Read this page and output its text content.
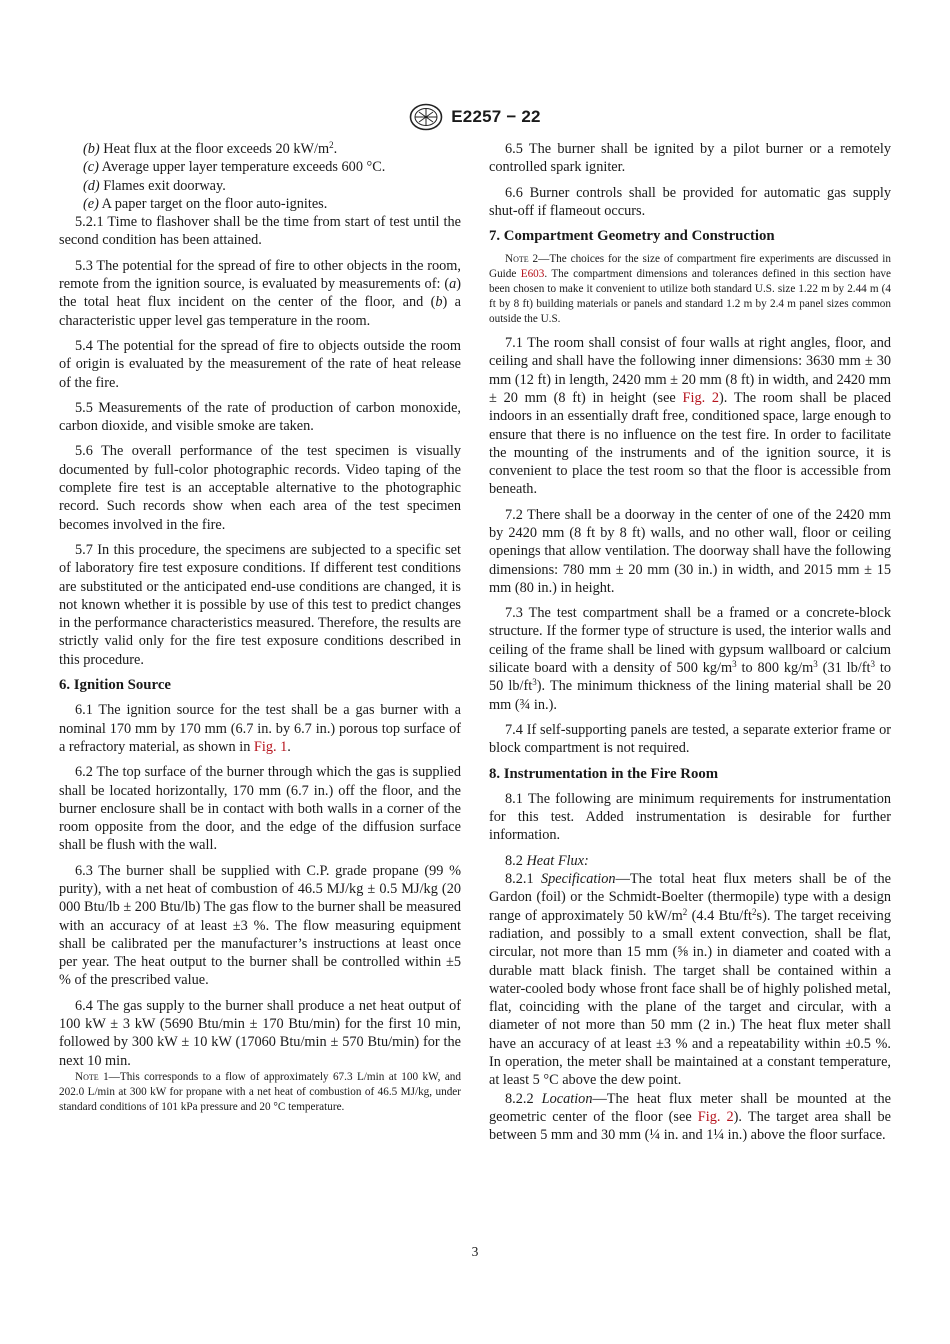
E2257 − 22

(b) Heat flux at the floor exceeds 20 $kW/m^2$.

(c) Average upper layer temperature exceeds 600 °C.

(d) Flames exit doorway.

(e) A paper target on the floor auto-ignites.

5.2.1 Time to flashover shall be the time from start of test until the second condition has been attained.

5.3 The potential for the spread of fire to other objects in the room, remote from the ignition source, is evaluated by measurements of: (a) the total heat flux incident on the center of the floor, and (b) a characteristic upper level gas temperature in the room.

5.4 The potential for the spread of fire to objects outside the room of origin is evaluated by the measurement of the rate of heat release of the fire.

5.5 Measurements of the rate of production of carbon monoxide, carbon dioxide, and visible smoke are taken.

5.6 The overall performance of the test specimen is visually documented by full-color photographic records. Video taping of the complete fire test is an acceptable alternative to the photographic record. Such records show when each area of the test specimen becomes involved in the fire.

5.7 In this procedure, the specimens are subjected to a specific set of laboratory fire test exposure conditions. If different test conditions are substituted or the anticipated end-use conditions are changed, it is not known whether it is possible by use of this test to predict changes in the performance characteristics measured. Therefore, the results are strictly valid only for the fire test exposure conditions described in this procedure.

6. Ignition Source

6.1 The ignition source for the test shall be a gas burner with a nominal 170 mm by 170 mm (6.7 in. by 6.7 in.) porous top surface of a refractory material, as shown in Fig. 1.

6.2 The top surface of the burner through which the gas is supplied shall be located horizontally, 170 mm (6.7 in.) off the floor, and the burner enclosure shall be in contact with both walls in a corner of the room opposite from the door, and the edge of the diffusion surface shall be flush with the wall.

6.3 The burner shall be supplied with C.P. grade propane (99 % purity), with a net heat of combustion of 46.5 MJ/kg ± 0.5 MJ/kg (20 000 Btu/lb ± 200 Btu/lb) The gas flow to the burner shall be measured with an accuracy of at least ±3 %. The flow measuring equipment shall be calibrated per the manufacturer’s instructions at least once per year. The heat output to the burner shall be controlled within ±5 % of the prescribed value.

6.4 The gas supply to the burner shall produce a net heat output of 100 kW ± 3 kW (5690 Btu/min ± 170 Btu/min) for the first 10 min, followed by 300 kW ± 10 kW (17060 Btu/min ± 570 Btu/min) for the next 10 min.

Note 1—This corresponds to a flow of approximately 67.3 L/min at 100 kW, and 202.0 L/min at 300 kW for propane with a net heat of combustion of 46.5 MJ/kg, under standard conditions of 101 kPa pressure and 20 °C temperature.

6.5 The burner shall be ignited by a pilot burner or a remotely controlled spark igniter.

6.6 Burner controls shall be provided for automatic gas supply shut-off if flameout occurs.

7. Compartment Geometry and Construction

Note 2—The choices for the size of compartment fire experiments are discussed in Guide E603. The compartment dimensions and tolerances defined in this section have been chosen to make it convenient to utilize both standard U.S. size 1.22 m by 2.44 m (4 ft by 8 ft) building materials or panels and standard 1.2 m by 2.4 m panel sizes common outside the U.S.

7.1 The room shall consist of four walls at right angles, floor, and ceiling and shall have the following inner dimensions: 3630 mm ± 30 mm (12 ft) in length, 2420 mm ± 20 mm (8 ft) in width, and 2420 mm ± 20 mm (8 ft) in height (see Fig. 2). The room shall be placed indoors in an essentially draft free, conditioned space, large enough to ensure that there is no influence on the test fire. In order to facilitate the mounting of the instruments and of the ignition source, it is convenient to place the test room so that the floor is accessible from beneath.

7.2 There shall be a doorway in the center of one of the 2420 mm by 2420 mm (8 ft by 8 ft) walls, and no other wall, floor or ceiling openings that allow ventilation. The doorway shall have the following dimensions: 780 mm ± 20 mm (30 in.) in width, and 2015 mm ± 15 mm (80 in.) in height.

7.3 The test compartment shall be a framed or a concrete-block structure. If the former type of structure is used, the interior walls and ceiling of the frame shall be lined with gypsum wallboard or calcium silicate board with a density of 500 $kg/m^3$ to 800 $kg/m^3$ (31 $lb/ft^3$ to 50 $lb/ft^3$). The minimum thickness of the lining material shall be 20 mm (¾ in.).

7.4 If self-supporting panels are tested, a separate exterior frame or block compartment is not required.

8. Instrumentation in the Fire Room

8.1 The following are minimum requirements for instrumentation for this test. Added instrumentation is desirable for further information.

8.2 Heat Flux:

8.2.1 Specification—The total heat flux meters shall be of the Gardon (foil) or the Schmidt-Boelter (thermopile) type with a design range of approximately 50 $kW/m^2$ (4.4 Btu/$ft^2s$). The target receiving radiation, and possibly to a small extent convection, shall be flat, circular, not more than 15 mm (⅝ in.) in diameter and coated with a durable matt black finish. The target shall be contained within a water-cooled body whose front face shall be of highly polished metal, flat, coinciding with the plane of the target and circular, with a diameter of not more than 50 mm (2 in.) The heat flux meter shall have an accuracy of at least ±3 % and a repeatability within ±0.5 %. In operation, the meter shall be maintained at a constant temperature, at least 5 °C above the dew point.

8.2.2 Location—The heat flux meter shall be mounted at the geometric center of the floor (see Fig. 2). The target area shall be between 5 mm and 30 mm (¼ in. and 1¼ in.) above the floor surface.

3
